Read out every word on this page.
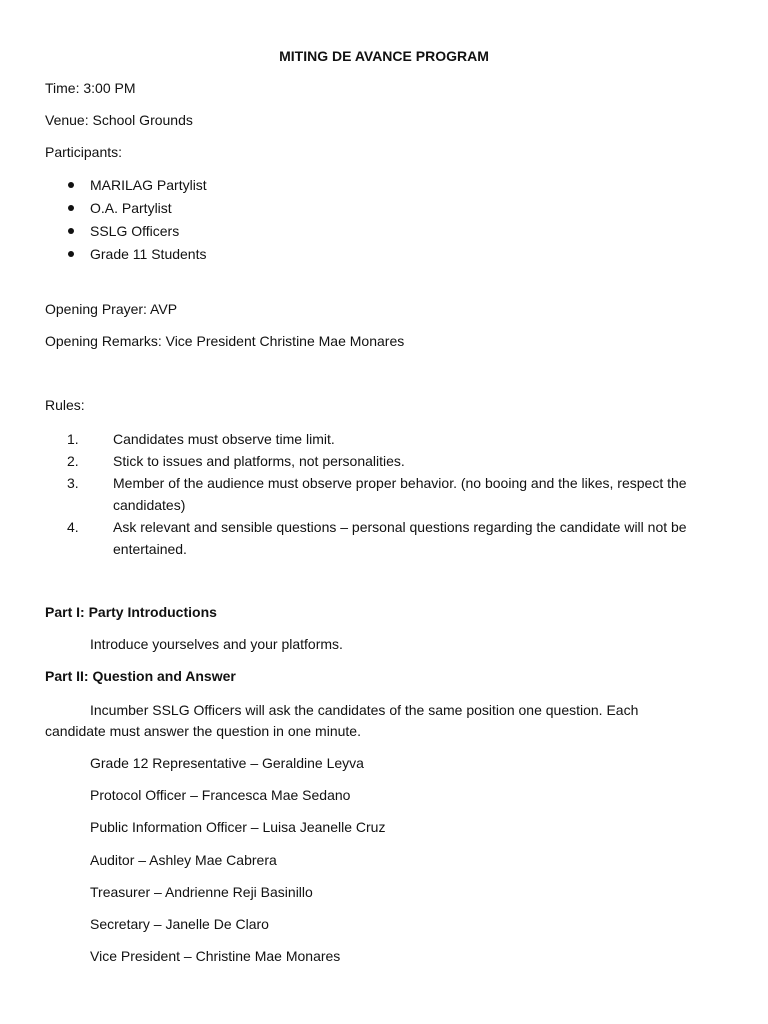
MITING DE AVANCE PROGRAM
Time: 3:00 PM
Venue: School Grounds
Participants:
MARILAG Partylist
O.A. Partylist
SSLG Officers
Grade 11 Students
Opening Prayer: AVP
Opening Remarks: Vice President Christine Mae Monares
Rules:
1. Candidates must observe time limit.
2. Stick to issues and platforms, not personalities.
3. Member of the audience must observe proper behavior. (no booing and the likes, respect the candidates)
4. Ask relevant and sensible questions – personal questions regarding the candidate will not be entertained.
Part I: Party Introductions
Introduce yourselves and your platforms.
Part II: Question and Answer
Incumber SSLG Officers will ask the candidates of the same position one question. Each candidate must answer the question in one minute.
Grade 12 Representative – Geraldine Leyva
Protocol Officer – Francesca Mae Sedano
Public Information Officer – Luisa Jeanelle Cruz
Auditor – Ashley Mae Cabrera
Treasurer – Andrienne Reji Basinillo
Secretary – Janelle De Claro
Vice President – Christine Mae Monares
